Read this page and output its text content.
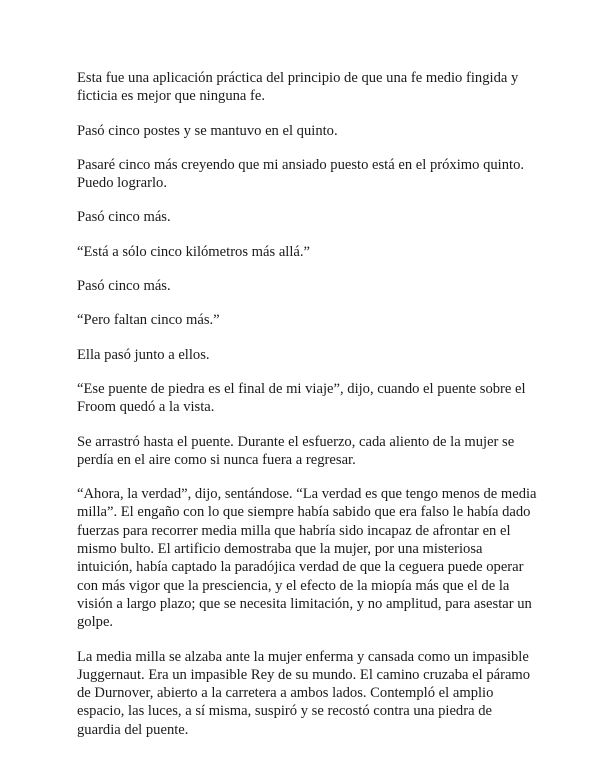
Esta fue una aplicación práctica del principio de que una fe medio fingida y ficticia es mejor que ninguna fe.

Pasó cinco postes y se mantuvo en el quinto.

Pasaré cinco más creyendo que mi ansiado puesto está en el próximo quinto. Puedo lograrlo.

Pasó cinco más.

“Está a sólo cinco kilómetros más allá.”

Pasó cinco más.

“Pero faltan cinco más.”

Ella pasó junto a ellos.

“Ese puente de piedra es el final de mi viaje”, dijo, cuando el puente sobre el Froom quedó a la vista.

Se arrastró hasta el puente. Durante el esfuerzo, cada aliento de la mujer se perdía en el aire como si nunca fuera a regresar.

“Ahora, la verdad”, dijo, sentándose. “La verdad es que tengo menos de media milla”. El engaño con lo que siempre había sabido que era falso le había dado fuerzas para recorrer media milla que habría sido incapaz de afrontar en el mismo bulto. El artificio demostraba que la mujer, por una misteriosa intuición, había captado la paradójica verdad de que la ceguera puede operar con más vigor que la presciencia, y el efecto de la miopía más que el de la visión a largo plazo; que se necesita limitación, y no amplitud, para asestar un golpe.

La media milla se alzaba ante la mujer enferma y cansada como un impasible Juggernaut. Era un impasible Rey de su mundo. El camino cruzaba el páramo de Durnover, abierto a la carretera a ambos lados. Contempló el amplio espacio, las luces, a sí misma, suspiró y se recostó contra una piedra de guardia del puente.
